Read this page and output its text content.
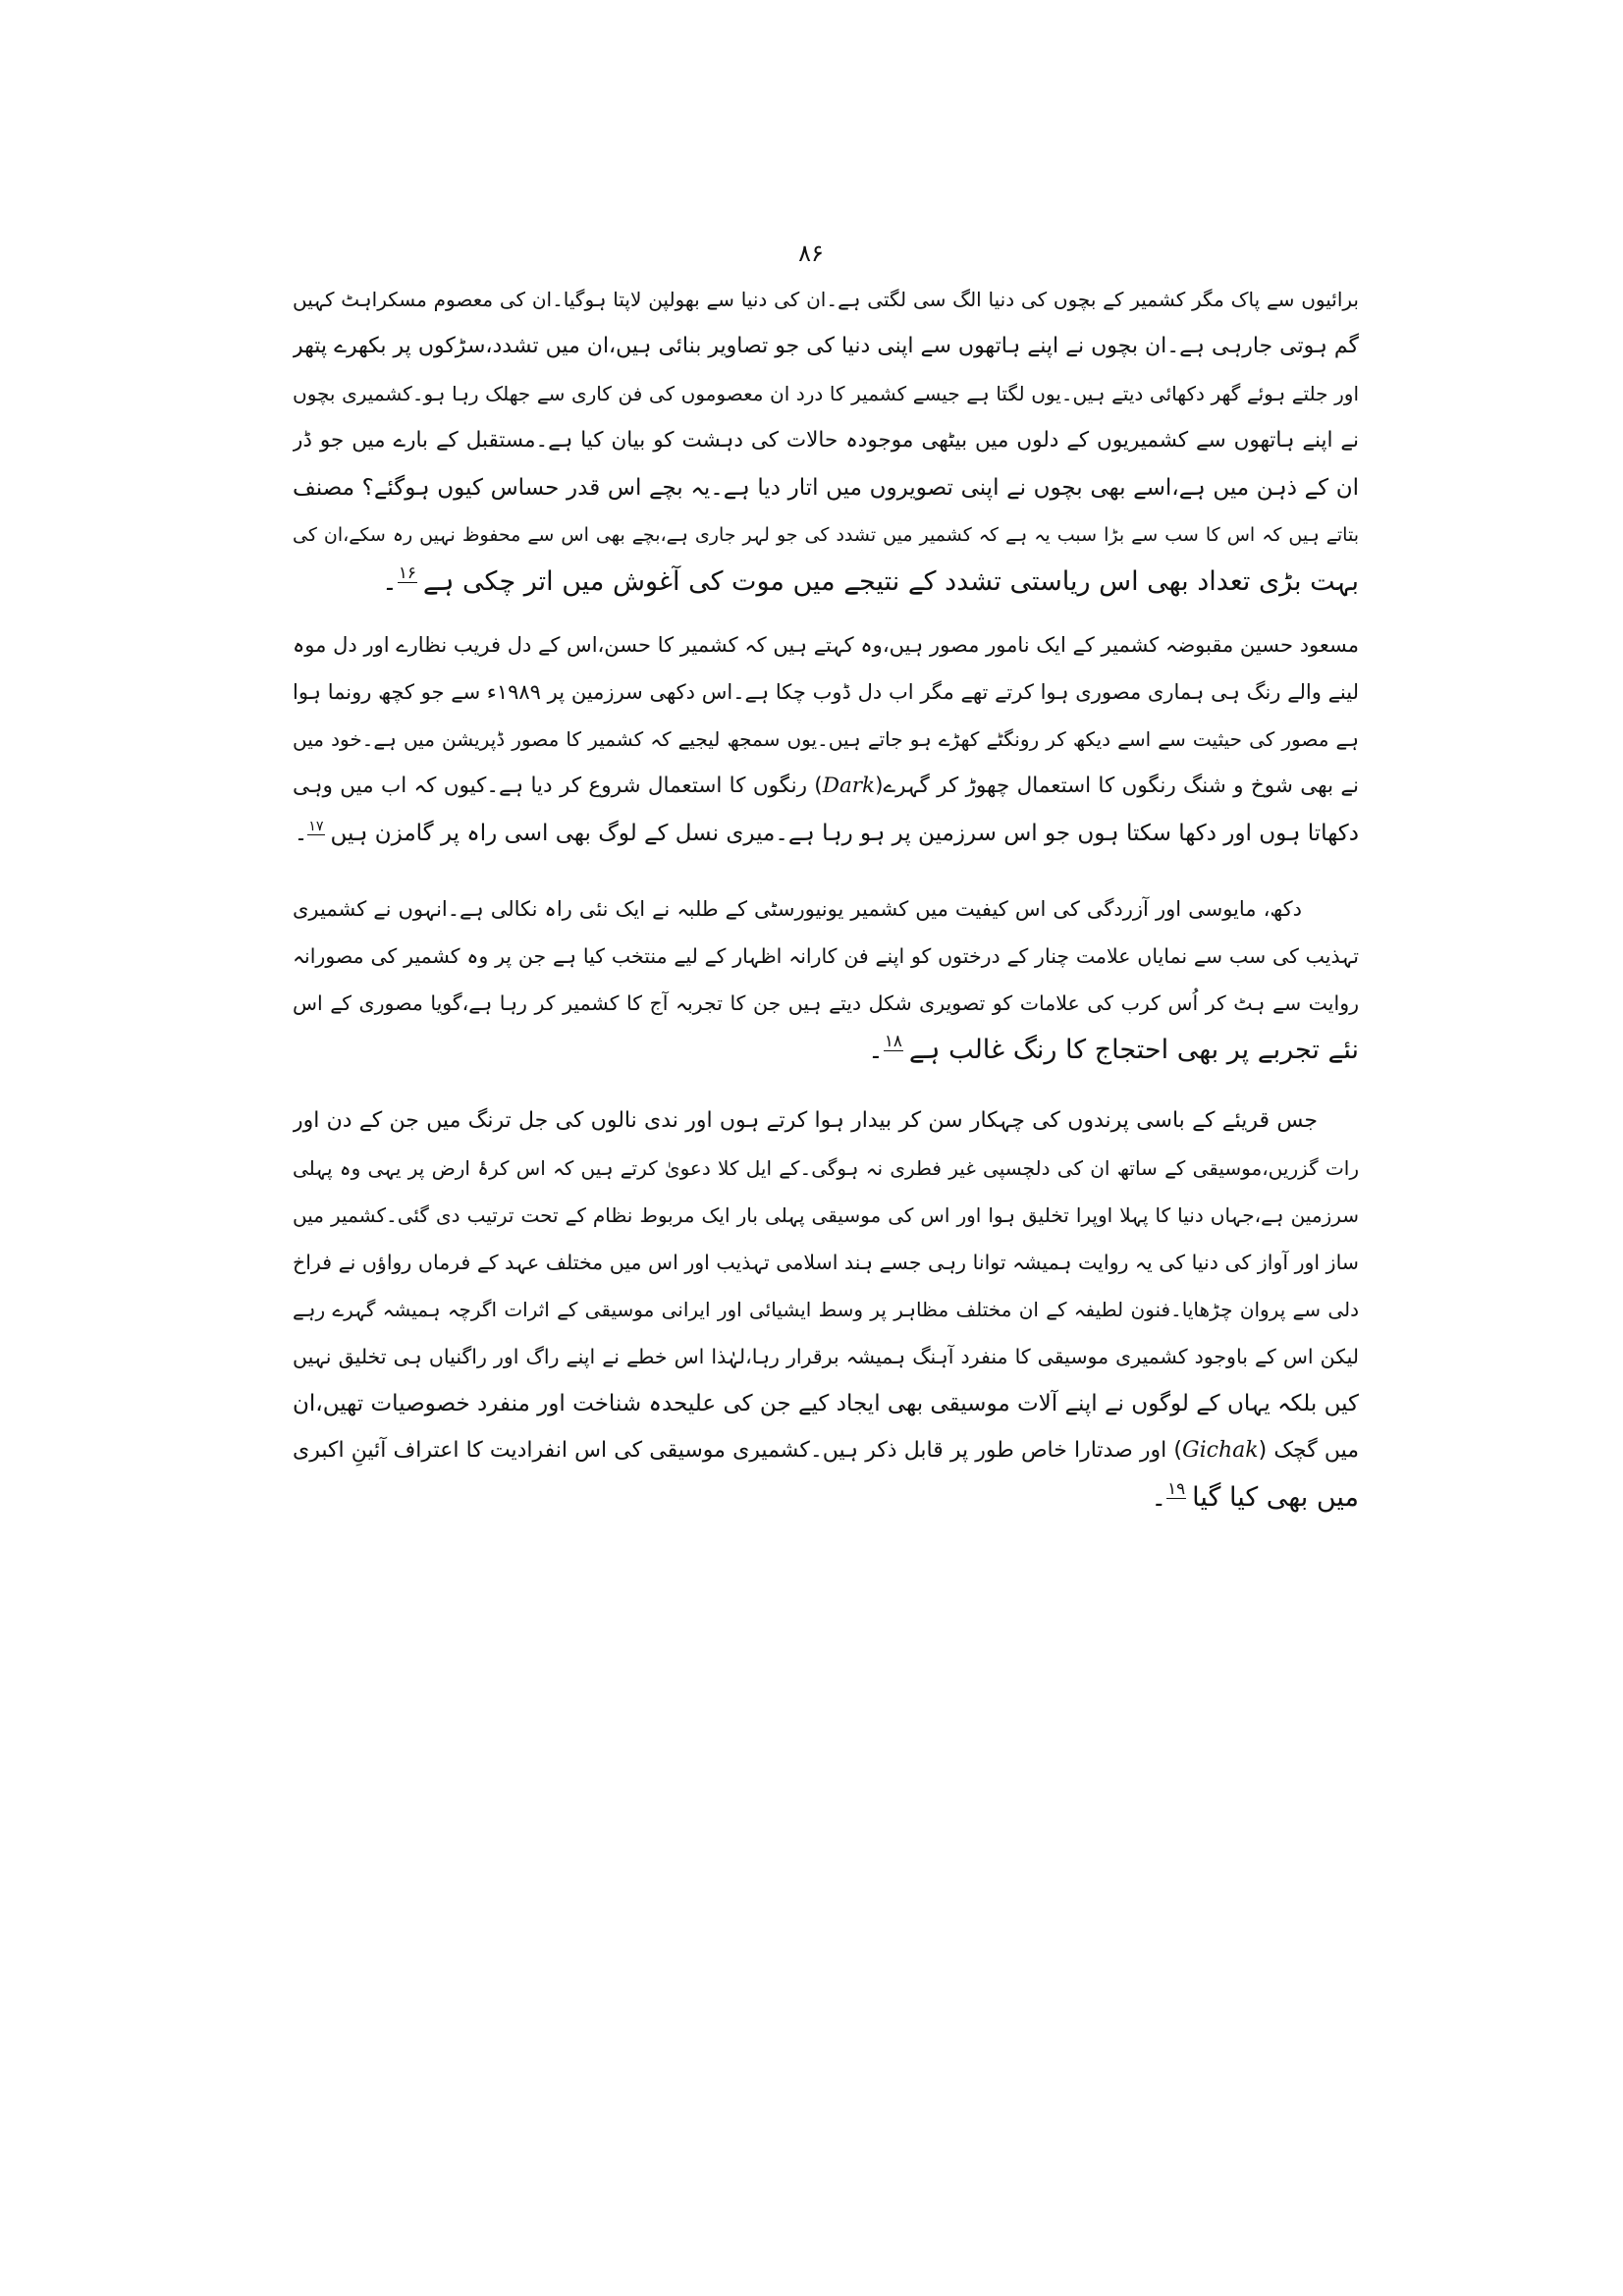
۸۶
برائیوں سے پاک مگر کشمیر کے بچوں کی دنیا الگ سی لگتی ہے۔ان کی دنیا سے بھولپن لاپتا ہوگیا۔ان کی معصوم مسکراہٹ کہیں
گم ہوتی جارہی ہے۔ان بچوں نے اپنے ہاتھوں سے اپنی دنیا کی جو تصاویر بنائی ہیں،ان میں تشدد،سڑکوں پر بکھرے پتھر
اور جلتے ہوئے گھر دکھائی دیتے ہیں۔یوں لگتا ہے جیسے کشمیر کا درد ان معصوموں کی فن کاری سے جھلک رہا ہو۔کشمیری بچوں
نے اپنے ہاتھوں سے کشمیریوں کے دلوں میں بیٹھی موجودہ حالات کی دہشت کو بیان کیا ہے۔مستقبل کے بارے میں جو ڈر
ان کے ذہن میں ہے،اسے بھی بچوں نے اپنی تصویروں میں اتار دیا ہے۔یہ بچے اس قدر حساس کیوں ہوگئے؟ مصنف
بتاتے ہیں کہ اس کا سب سے بڑا سبب یہ ہے کہ کشمیر میں تشدد کی جو لہر جاری ہے،بچے بھی اس سے محفوظ نہیں رہ سکے،ان کی
بہت بڑی تعداد بھی اس ریاستی تشدد کے نتیجے میں موت کی آغوش میں اتر چکی ہے$^{۱۶}$۔
مسعود حسین مقبوضہ کشمیر کے ایک نامور مصور ہیں،وہ کہتے ہیں کہ کشمیر کا حسن،اس کے دل فریب نظارے اور دل موہ
لینے والے رنگ ہی ہماری مصوری ہوا کرتے تھے مگر اب دل ڈوب چکا ہے۔اس دکھی سرزمین پر ۱۹۸۹ء سے جو کچھ رونما ہوا
ہے مصور کی حیثیت سے اسے دیکھ کر رونگٹے کھڑے ہو جاتے ہیں۔یوں سمجھ لیجیے کہ کشمیر کا مصور ڈپریشن میں ہے۔خود میں
نے بھی شوخ و شنگ رنگوں کا استعمال چھوڑ کر گہرے(Dark) رنگوں کا استعمال شروع کر دیا ہے۔کیوں کہ اب میں وہی
دکھاتا ہوں اور دکھا سکتا ہوں جو اس سرزمین پر ہو رہا ہے۔میری نسل کے لوگ بھی اسی راہ پر گامزن ہیں$^{۱۷}$۔
دکھ، مایوسی اور آزردگی کی اس کیفیت میں کشمیر یونیورسٹی کے طلبہ نے ایک نئی راہ نکالی ہے۔انہوں نے کشمیری
تہذیب کی سب سے نمایاں علامت چنار کے درختوں کو اپنے فن کارانہ اظہار کے لیے منتخب کیا ہے جن پر وہ کشمیر کی مصورانہ
روایت سے ہٹ کر اُس کرب کی علامات کو تصویری شکل دیتے ہیں جن کا تجربہ آج کا کشمیر کر رہا ہے،گویا مصوری کے اس
نئے تجربے پر بھی احتجاج کا رنگ غالب ہے$^{۱۸}$۔
جس قریئے کے باسی پرندوں کی چہکار سن کر بیدار ہوا کرتے ہوں اور ندی نالوں کی جل ترنگ میں جن کے دن اور
رات گزریں،موسیقی کے ساتھ ان کی دلچسپی غیر فطری نہ ہوگی۔کے ایل کلا دعویٰ کرتے ہیں کہ اس کرۂ ارض پر یہی وہ پہلی
سرزمین ہے،جہاں دنیا کا پہلا اوپرا تخلیق ہوا اور اس کی موسیقی پہلی بار ایک مربوط نظام کے تحت ترتیب دی گئی۔کشمیر میں
ساز اور آواز کی دنیا کی یہ روایت ہمیشہ توانا رہی جسے ہند اسلامی تہذیب اور اس میں مختلف عہد کے فرماں رواؤں نے فراخ
دلی سے پروان چڑھایا۔فنون لطیفہ کے ان مختلف مظاہر پر وسط ایشیائی اور ایرانی موسیقی کے اثرات اگرچہ ہمیشہ گہرے رہے
لیکن اس کے باوجود کشمیری موسیقی کا منفرد آہنگ ہمیشہ برقرار رہا،لہٰذا اس خطے نے اپنے راگ اور راگنیاں ہی تخلیق نہیں
کیں بلکہ یہاں کے لوگوں نے اپنے آلات موسیقی بھی ایجاد کیے جن کی علیحدہ شناخت اور منفرد خصوصیات تھیں،ان
میں گچک (Gichak) اور صدتارا خاص طور پر قابل ذکر ہیں۔کشمیری موسیقی کی اس انفرادیت کا اعتراف آئینِ اکبری
میں بھی کیا گیا$^{۱۹}$۔
